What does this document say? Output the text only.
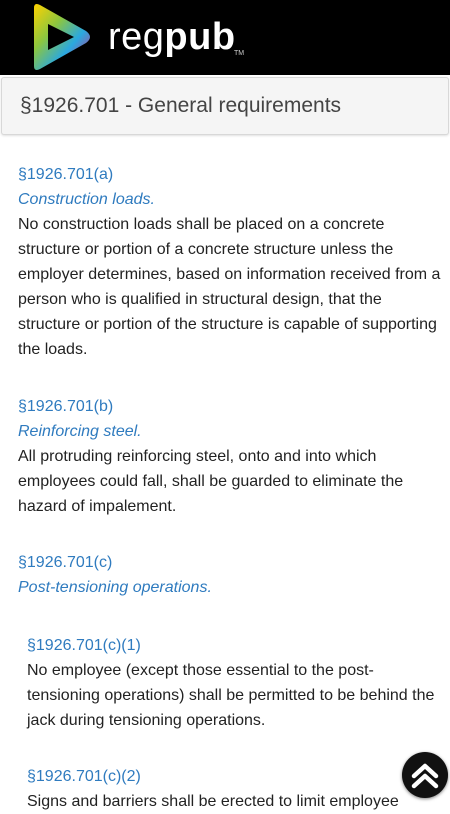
regpub
TM
§1926.701 - General requirements
§1926.701(a)
Construction loads.
No construction loads shall be placed on a concrete structure or portion of a concrete structure unless the employer determines, based on information received from a person who is qualified in structural design, that the structure or portion of the structure is capable of supporting the loads.
§1926.701(b)
Reinforcing steel.
All protruding reinforcing steel, onto and into which employees could fall, shall be guarded to eliminate the hazard of impalement.
§1926.701(c)
Post-tensioning operations.
§1926.701(c)(1)
No employee (except those essential to the post-tensioning operations) shall be permitted to be behind the jack during tensioning operations.
§1926.701(c)(2)
Signs and barriers shall be erected to limit employee
